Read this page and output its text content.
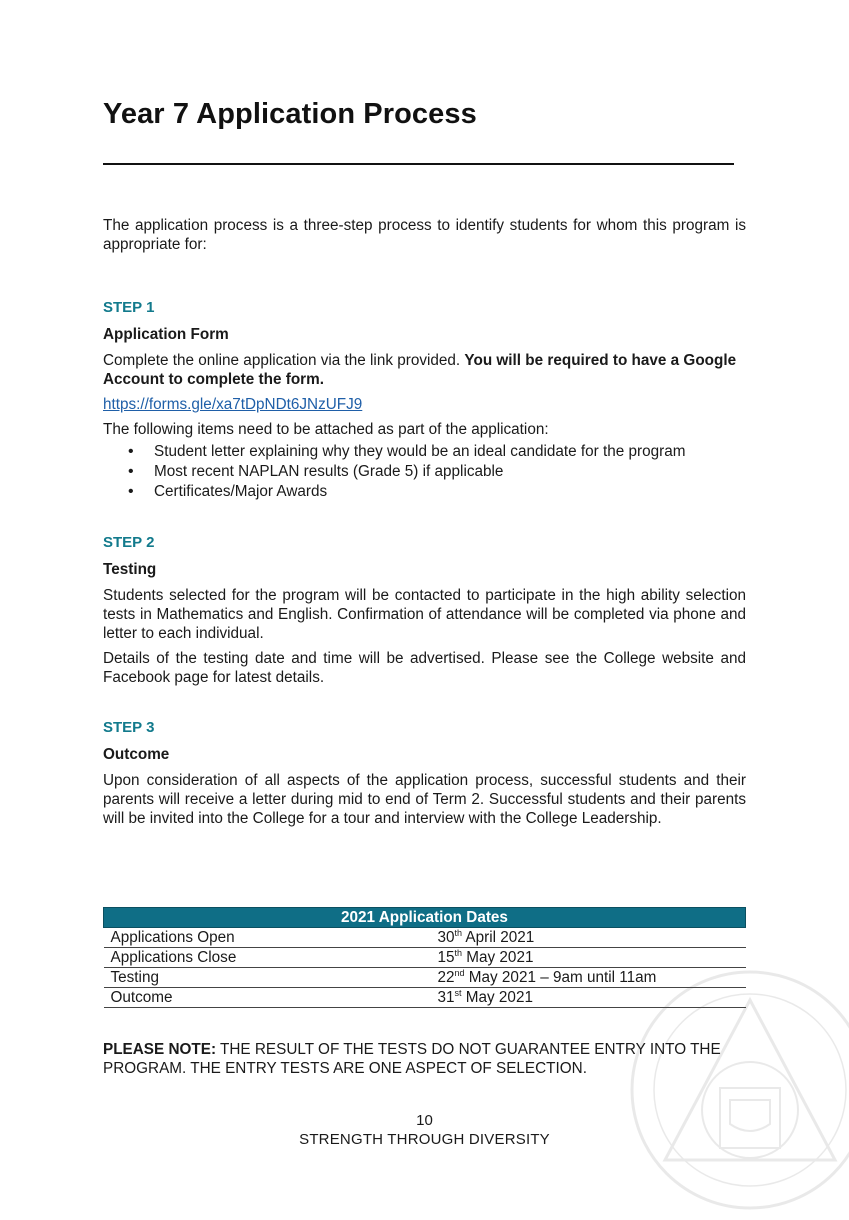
Year 7 Application Process

The application process is a three-step process to identify students for whom this program is appropriate for:

STEP 1

Application Form

Complete the online application via the link provided. You will be required to have a Google Account to complete the form.

https://forms.gle/xa7tDpNDt6JNzUFJ9

The following items need to be attached as part of the application:

• Student letter explaining why they would be an ideal candidate for the program
• Most recent NAPLAN results (Grade 5) if applicable
• Certificates/Major Awards

STEP 2

Testing

Students selected for the program will be contacted to participate in the high ability selection tests in Mathematics and English. Confirmation of attendance will be completed via phone and letter to each individual.

Details of the testing date and time will be advertised. Please see the College website and Facebook page for latest details.

STEP 3

Outcome

Upon consideration of all aspects of the application process, successful students and their parents will receive a letter during mid to end of Term 2. Successful students and their parents will be invited into the College for a tour and interview with the College Leadership.

2021 Application Dates	
Applications Open	30th April 2021
Applications Close	15th May 2021
Testing	22nd May 2021 – 9am until 11am
Outcome	31st May 2021

PLEASE NOTE: THE RESULT OF THE TESTS DO NOT GUARANTEE ENTRY INTO THE PROGRAM. THE ENTRY TESTS ARE ONE ASPECT OF SELECTION.

10

STRENGTH THROUGH DIVERSITY
